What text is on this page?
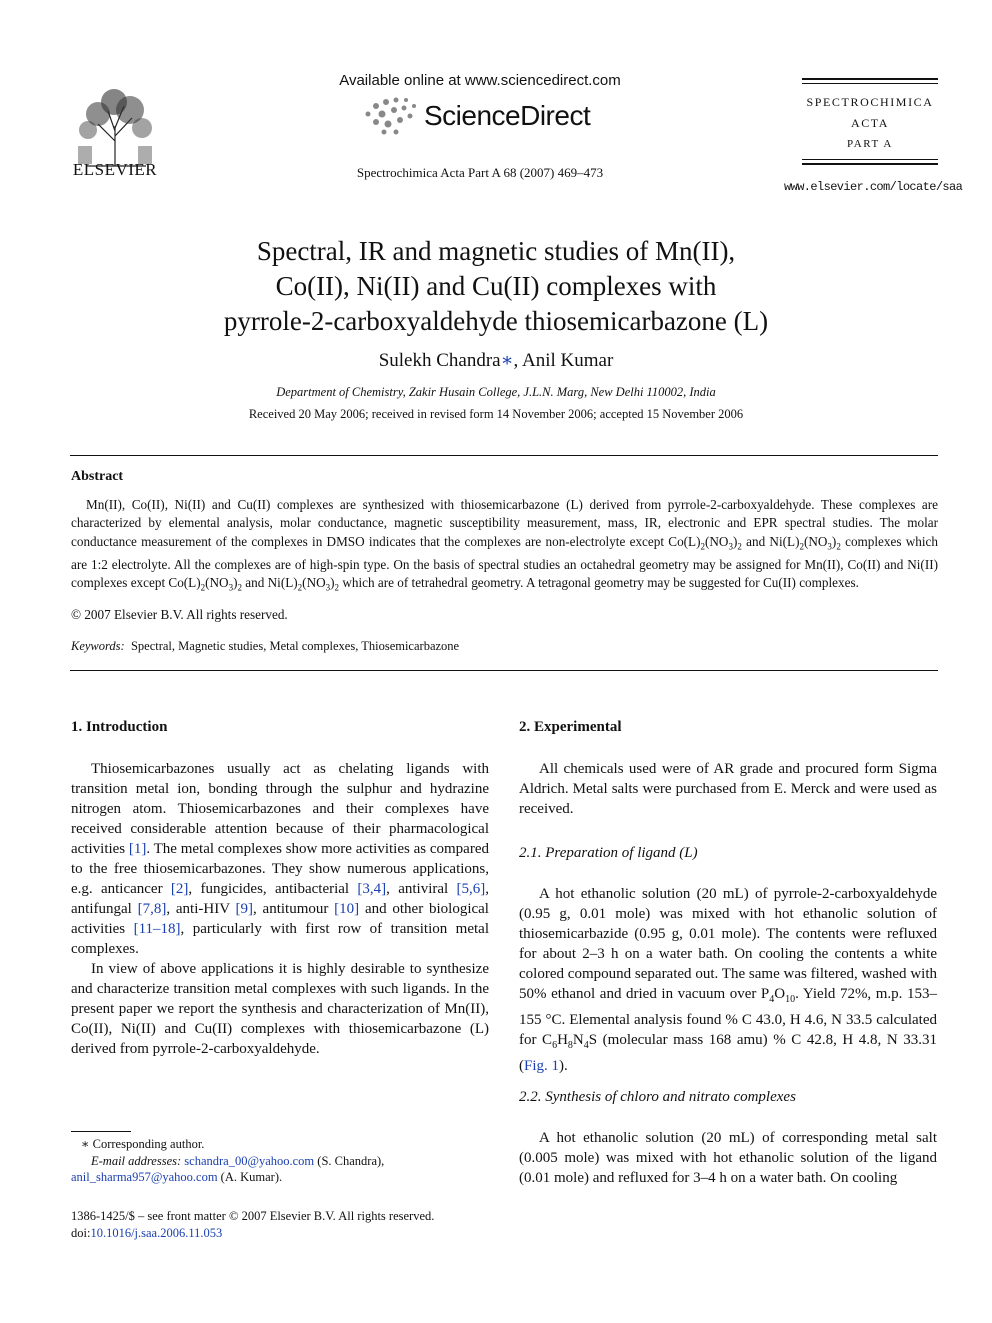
ELSEVIER
Available online at www.sciencedirect.com
ScienceDirect
Spectrochimica Acta Part A 68 (2007) 469–473
SPECTROCHIMICA
ACTA
PART A
www.elsevier.com/locate/saa
Spectral, IR and magnetic studies of Mn(II),
Co(II), Ni(II) and Cu(II) complexes with
pyrrole-2-carboxyaldehyde thiosemicarbazone (L)
Sulekh Chandra∗, Anil Kumar
Department of Chemistry, Zakir Husain College, J.L.N. Marg, New Delhi 110002, India
Received 20 May 2006; received in revised form 14 November 2006; accepted 15 November 2006
Abstract
Mn(II), Co(II), Ni(II) and Cu(II) complexes are synthesized with thiosemicarbazone (L) derived from pyrrole-2-carboxyaldehyde. These complexes are characterized by elemental analysis, molar conductance, magnetic susceptibility measurement, mass, IR, electronic and EPR spectral studies. The molar conductance measurement of the complexes in DMSO indicates that the complexes are non-electrolyte except $Co(L)_2(NO_3)_2$ and $Ni(L)_2(NO_3)_2$ complexes which are 1:2 electrolyte. All the complexes are of high-spin type. On the basis of spectral studies an octahedral geometry may be assigned for Mn(II), Co(II) and Ni(II) complexes except $Co(L)_2(NO_3)_2$ and $Ni(L)_2(NO_3)_2$ which are of tetrahedral geometry. A tetragonal geometry may be suggested for Cu(II) complexes.
© 2007 Elsevier B.V. All rights reserved.
Keywords: Spectral, Magnetic studies, Metal complexes, Thiosemicarbazone
1. Introduction
Thiosemicarbazones usually act as chelating ligands with transition metal ion, bonding through the sulphur and hydrazine nitrogen atom. Thiosemicarbazones and their complexes have received considerable attention because of their pharmacological activities [1]. The metal complexes show more activities as compared to the free thiosemicarbazones. They show numerous applications, e.g. anticancer [2], fungicides, antibacterial [3,4], antiviral [5,6], antifungal [7,8], anti-HIV [9], antitumour [10] and other biological activities [11–18], particularly with first row of transition metal complexes.
In view of above applications it is highly desirable to synthesize and characterize transition metal complexes with such ligands. In the present paper we report the synthesis and characterization of Mn(II), Co(II), Ni(II) and Cu(II) complexes with thiosemicarbazone (L) derived from pyrrole-2-carboxyaldehyde.
∗ Corresponding author.
E-mail addresses: schandra_00@yahoo.com (S. Chandra),
anil_sharma957@yahoo.com (A. Kumar).
1386-1425/$ – see front matter © 2007 Elsevier B.V. All rights reserved.
doi:10.1016/j.saa.2006.11.053
2. Experimental
All chemicals used were of AR grade and procured form Sigma Aldrich. Metal salts were purchased from E. Merck and were used as received.
2.1. Preparation of ligand (L)
A hot ethanolic solution (20 mL) of pyrrole-2-carboxyaldehyde (0.95 g, 0.01 mole) was mixed with hot ethanolic solution of thiosemicarbazide (0.95 g, 0.01 mole). The contents were refluxed for about 2–3 h on a water bath. On cooling the contents a white colored compound separated out. The same was filtered, washed with 50% ethanol and dried in vacuum over $P_4O_{10}$. Yield 72%, m.p. 153–155 °C. Elemental analysis found % C 43.0, H 4.6, N 33.5 calculated for $C_6H_8N_4S$ (molecular mass 168 amu) % C 42.8, H 4.8, N 33.31 (Fig. 1).
2.2. Synthesis of chloro and nitrato complexes
A hot ethanolic solution (20 mL) of corresponding metal salt (0.005 mole) was mixed with hot ethanolic solution of the ligand (0.01 mole) and refluxed for 3–4 h on a water bath. On cooling
